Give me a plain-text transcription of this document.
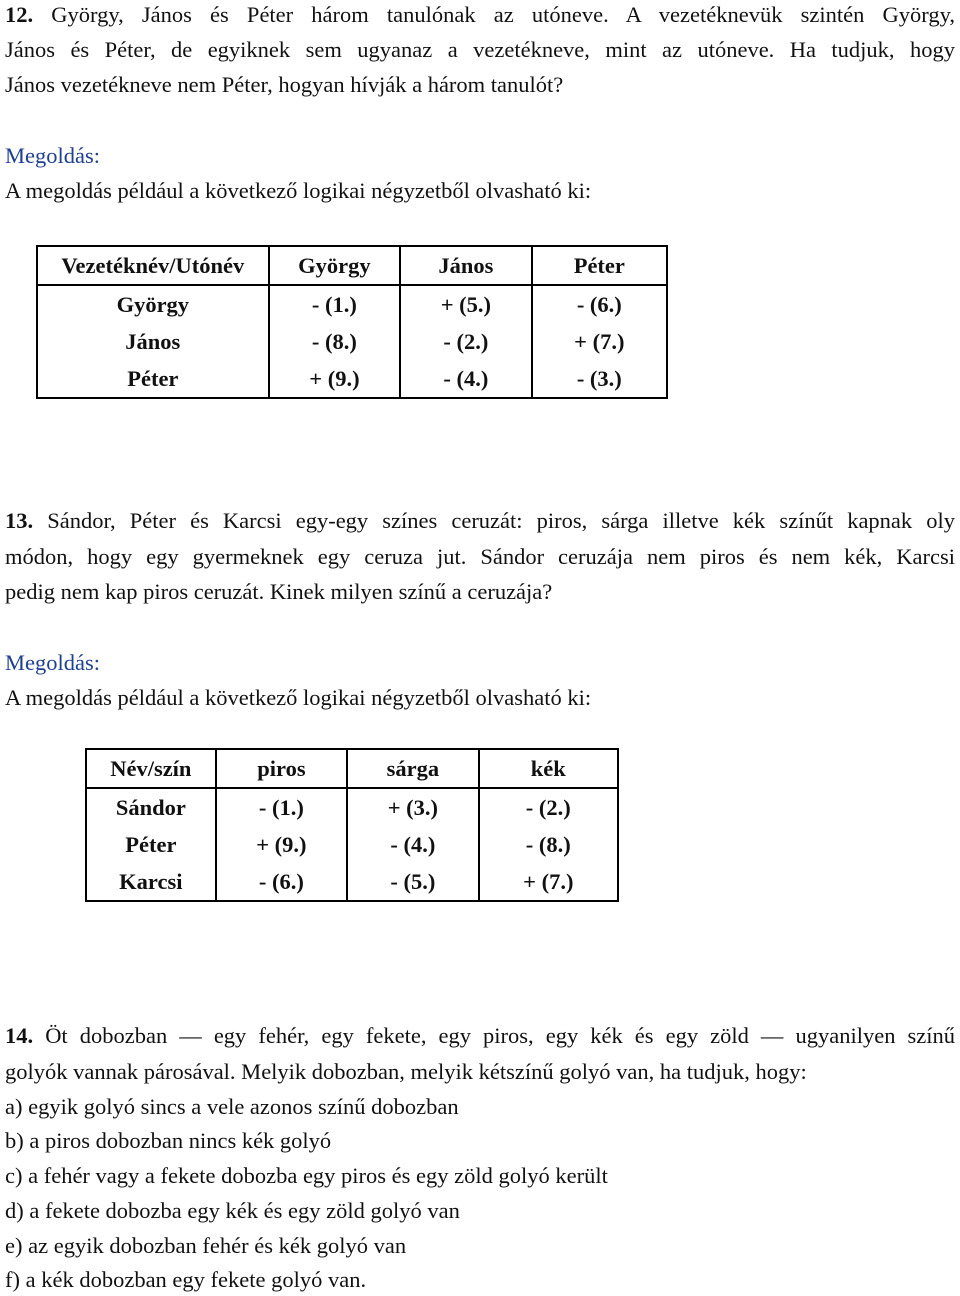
12. György, János és Péter három tanulónak az utóneve. A vezetéknevük szintén György,
János és Péter, de egyiknek sem ugyanaz a vezetékneve, mint az utóneve. Ha tudjuk, hogy
János vezetékneve nem Péter, hogyan hívják a három tanulót?
Megoldás:
A megoldás például a következő logikai négyzetből olvasható ki:
Vezetéknév/Utónév	György	János	Péter
György	- (1.)	+ (5.)	- (6.)
János	- (8.)	- (2.)	+ (7.)
Péter	+ (9.)	- (4.)	- (3.)
13. Sándor, Péter és Karcsi egy-egy színes ceruzát: piros, sárga illetve kék színűt kapnak oly
módon, hogy egy gyermeknek egy ceruza jut. Sándor ceruzája nem piros és nem kék, Karcsi
pedig nem kap piros ceruzát. Kinek milyen színű a ceruzája?
Megoldás:
A megoldás például a következő logikai négyzetből olvasható ki:
Név/szín	piros	sárga	kék
Sándor	- (1.)	+ (3.)	- (2.)
Péter	+ (9.)	- (4.)	- (8.)
Karcsi	- (6.)	- (5.)	+ (7.)
14. Öt dobozban — egy fehér, egy fekete, egy piros, egy kék és egy zöld — ugyanilyen színű
golyók vannak párosával. Melyik dobozban, melyik kétszínű golyó van, ha tudjuk, hogy:
a) egyik golyó sincs a vele azonos színű dobozban
b) a piros dobozban nincs kék golyó
c) a fehér vagy a fekete dobozba egy piros és egy zöld golyó került
d) a fekete dobozba egy kék és egy zöld golyó van
e) az egyik dobozban fehér és kék golyó van
f) a kék dobozban egy fekete golyó van.
